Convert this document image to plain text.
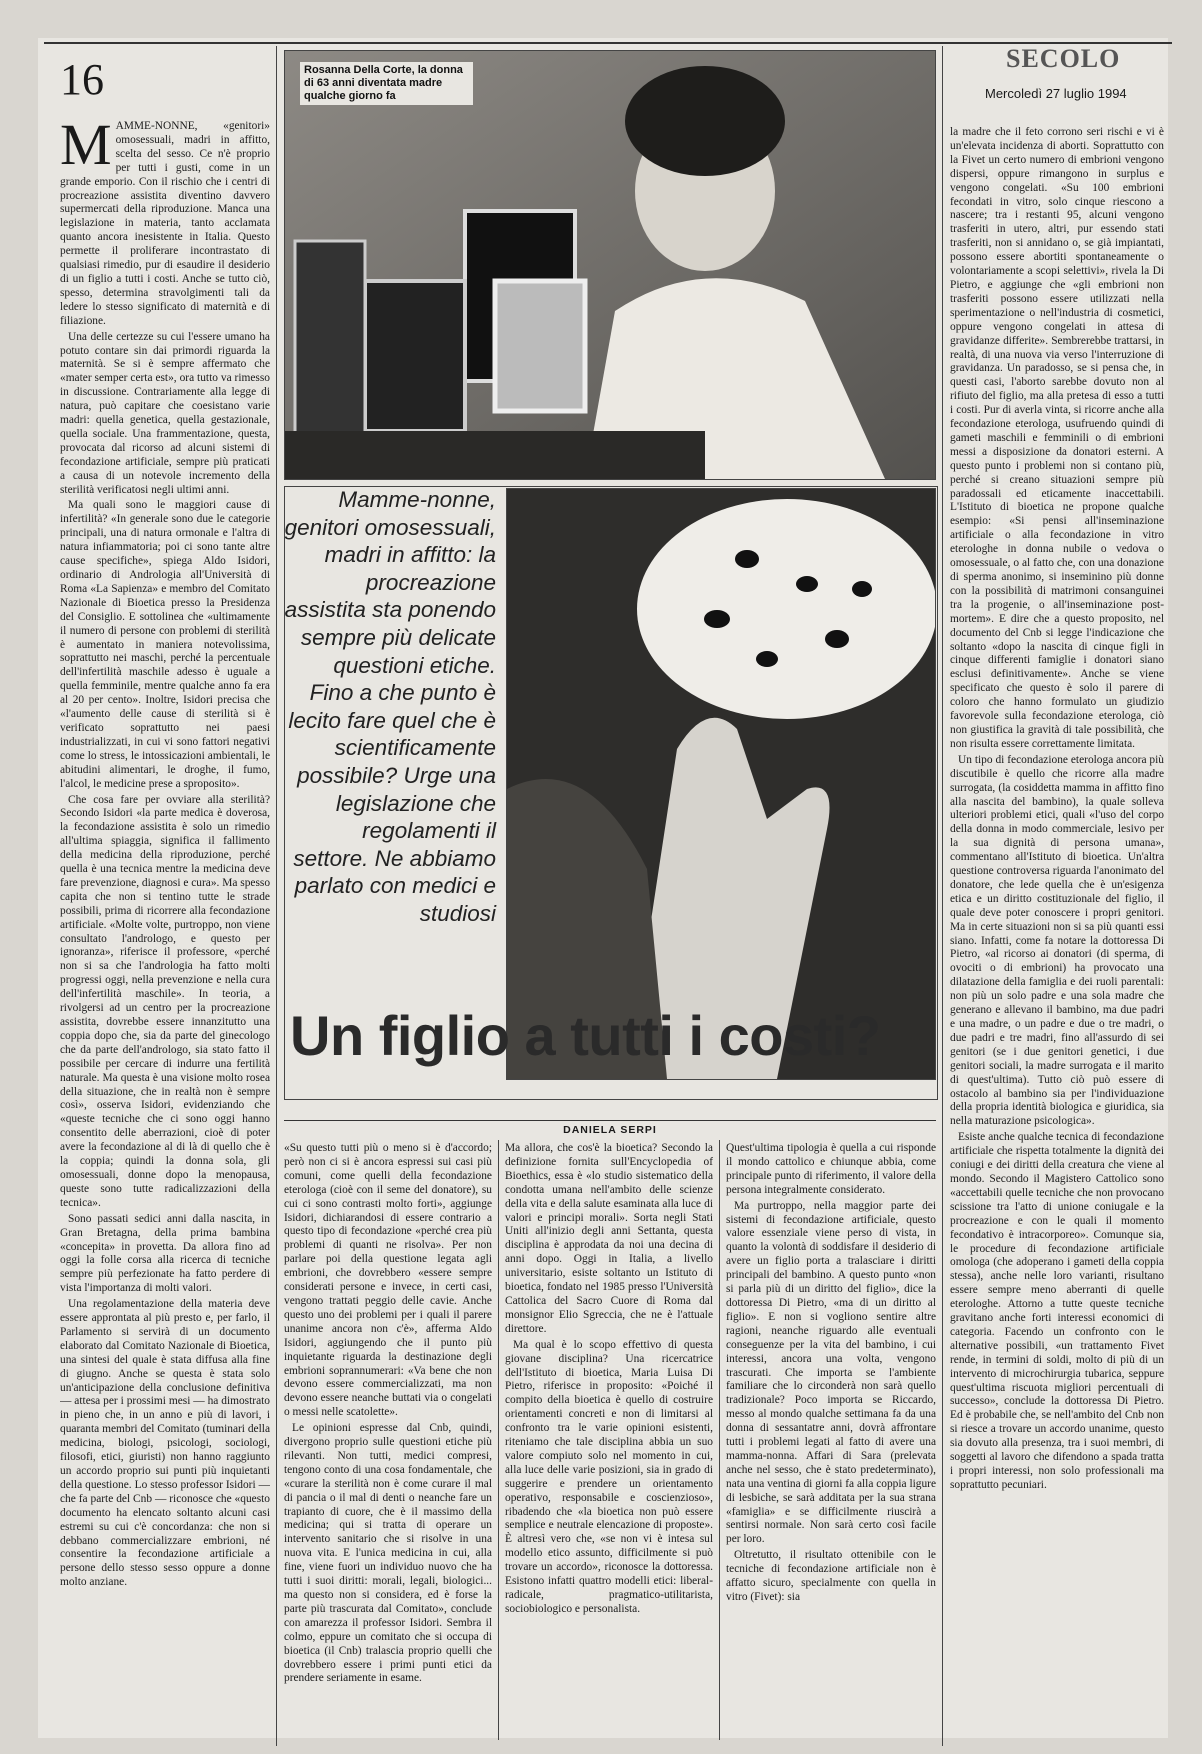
16	SECOLO
Mercoledì 27 luglio 1994

MAMME-NONNE, «genitori» omosessuali, madri in affitto, scelta del sesso. Ce n'è proprio per tutti i gusti, come in un grande emporio. Con il rischio che i centri di procreazione assistita diventino davvero supermercati della riproduzione. Manca una legislazione in materia, tanto acclamata quanto ancora inesistente in Italia. Questo permette il proliferare incontrastato di qualsiasi rimedio, pur di esaudire il desiderio di un figlio a tutti i costi. Anche se tutto ciò, spesso, determina stravolgimenti tali da ledere lo stesso significato di maternità e di filiazione.

Una delle certezze su cui l'essere umano ha potuto contare sin dai primordi riguarda la maternità. Se si è sempre affermato che «mater semper certa est», ora tutto va rimesso in discussione. Contrariamente alla legge di natura, può capitare che coesistano varie madri: quella genetica, quella gestazionale, quella sociale. Una frammentazione, questa, provocata dal ricorso ad alcuni sistemi di fecondazione artificiale, sempre più praticati a causa di un notevole incremento della sterilità verificatosi negli ultimi anni.

Ma quali sono le maggiori cause di infertilità? «In generale sono due le categorie principali, una di natura ormonale e l'altra di natura infiammatoria; poi ci sono tante altre cause specifiche», spiega Aldo Isidori, ordinario di Andrologia all'Università di Roma «La Sapienza» e membro del Comitato Nazionale di Bioetica presso la Presidenza del Consiglio. E sottolinea che «ultimamente il numero di persone con problemi di sterilità è aumentato in maniera notevolissima, soprattutto nei maschi, perché la percentuale dell'infertilità maschile adesso è uguale a quella femminile, mentre qualche anno fa era al 20 per cento». Inoltre, Isidori precisa che «l'aumento delle cause di sterilità si è verificato soprattutto nei paesi industrializzati, in cui vi sono fattori negativi come lo stress, le intossicazioni ambientali, le abitudini alimentari, le droghe, il fumo, l'alcol, le medicine prese a sproposito».

Che cosa fare per ovviare alla sterilità? Secondo Isidori «la parte medica è doverosa, la fecondazione assistita è solo un rimedio all'ultima spiaggia, significa il fallimento della medicina della riproduzione, perché quella è una tecnica mentre la medicina deve fare prevenzione, diagnosi e cura». Ma spesso capita che non si tentino tutte le strade possibili, prima di ricorrere alla fecondazione artificiale. «Molte volte, purtroppo, non viene consultato l'andrologo, e questo per ignoranza», riferisce il professore, «perché non si sa che l'andrologia ha fatto molti progressi oggi, nella prevenzione e nella cura dell'infertilità maschile». In teoria, a rivolgersi ad un centro per la procreazione assistita, dovrebbe essere innanzitutto una coppia dopo che, sia da parte del ginecologo che da parte dell'andrologo, sia stato fatto il possibile per cercare di indurre una fertilità naturale. Ma questa è una visione molto rosea della situazione, che in realtà non è sempre così», osserva Isidori, evidenziando che «queste tecniche che ci sono oggi hanno consentito delle aberrazioni, cioè di poter avere la fecondazione al di là di quello che è la coppia; quindi la donna sola, gli omosessuali, donne dopo la menopausa, queste sono tutte radicalizzazioni della tecnica».

Sono passati sedici anni dalla nascita, in Gran Bretagna, della prima bambina «concepita» in provetta. Da allora fino ad oggi la folle corsa alla ricerca di tecniche sempre più perfezionate ha fatto perdere di vista l'importanza di molti valori.

Una regolamentazione della materia deve essere approntata al più presto e, per farlo, il Parlamento si servirà di un documento elaborato dal Comitato Nazionale di Bioetica, una sintesi del quale è stata diffusa alla fine di giugno. Anche se questa è stata solo un'anticipazione della conclusione definitiva — attesa per i prossimi mesi — ha dimostrato in pieno che, in un anno e più di lavori, i quaranta membri del Comitato (tuminari della medicina, biologi, psicologi, sociologi, filosofi, etici, giuristi) non hanno raggiunto un accordo proprio sui punti più inquietanti della questione. Lo stesso professor Isidori — che fa parte del Cnb — riconosce che «questo documento ha elencato soltanto alcuni casi estremi su cui c'è concordanza: che non si debbano commercializzare embrioni, né consentire la fecondazione artificiale a persone dello stesso sesso oppure a donne molto anziane.

Rosanna Della Corte, la donna di 63 anni diventata madre qualche giorno fa
Mamme-nonne, genitori omosessuali, madri in affitto: la procreazione assistita sta ponendo sempre più delicate questioni etiche. Fino a che punto è lecito fare quel che è scientificamente possibile? Urge una legislazione che regolamenti il settore. Ne abbiamo parlato con medici e studiosi
Un figlio a tutti i costi?
DANIELA SERPI

«Su questo tutti più o meno si è d'accordo; però non ci si è ancora espressi sui casi più comuni, come quelli della fecondazione eterologa (cioè con il seme del donatore), su cui ci sono contrasti molto forti», aggiunge Isidori, dichiarandosi di essere contrario a questo tipo di fecondazione «perché crea più problemi di quanti ne risolva». Per non parlare poi della questione legata agli embrioni, che dovrebbero «essere sempre considerati persone e invece, in certi casi, vengono trattati peggio delle cavie. Anche questo uno dei problemi per i quali il parere unanime ancora non c'è», afferma Aldo Isidori, aggiungendo che il punto più inquietante riguarda la destinazione degli embrioni soprannumerari: «Va bene che non devono essere commercializzati, ma non devono essere neanche buttati via o congelati o messi nelle scatolette».

Le opinioni espresse dal Cnb, quindi, divergono proprio sulle questioni etiche più rilevanti. Non tutti, medici compresi, tengono conto di una cosa fondamentale, che «curare la sterilità non è come curare il mal di pancia o il mal di denti o neanche fare un trapianto di cuore, che è il massimo della medicina; qui si tratta di operare un intervento sanitario che si risolve in una nuova vita. E l'unica medicina in cui, alla fine, viene fuori un individuo nuovo che ha tutti i suoi diritti: morali, legali, biologici... ma questo non si considera, ed è forse la parte più trascurata dal Comitato», conclude con amarezza il professor Isidori. Sembra il colmo, eppure un comitato che si occupa di bioetica (il Cnb) tralascia proprio quelli che dovrebbero essere i primi punti etici da prendere seriamente in esame.

Ma allora, che cos'è la bioetica? Secondo la definizione fornita sull'Encyclopedia of Bioethics, essa è «lo studio sistematico della condotta umana nell'ambito delle scienze della vita e della salute esaminata alla luce di valori e principi morali». Sorta negli Stati Uniti all'inizio degli anni Settanta, questa disciplina è approdata da noi una decina di anni dopo. Oggi in Italia, a livello universitario, esiste soltanto un Istituto di bioetica, fondato nel 1985 presso l'Università Cattolica del Sacro Cuore di Roma dal monsignor Elio Sgreccia, che ne è l'attuale direttore.

Ma qual è lo scopo effettivo di questa giovane disciplina? Una ricercatrice dell'Istituto di bioetica, Maria Luisa Di Pietro, riferisce in proposito: «Poiché il compito della bioetica è quello di costruire orientamenti concreti e non di limitarsi al confronto tra le varie opinioni esistenti, riteniamo che tale disciplina abbia un suo valore compiuto solo nel momento in cui, alla luce delle varie posizioni, sia in grado di suggerire e prendere un orientamento operativo, responsabile e coscienzioso», ribadendo che «la bioetica non può essere semplice e neutrale elencazione di proposte». È altresì vero che, «se non vi è intesa sul modello etico assunto, difficilmente si può trovare un accordo», riconosce la dottoressa. Esistono infatti quattro modelli etici: liberal-radicale, pragmatico-utilitarista, sociobiologico e personalista.

Quest'ultima tipologia è quella a cui risponde il mondo cattolico e chiunque abbia, come principale punto di riferimento, il valore della persona integralmente considerato.

Ma purtroppo, nella maggior parte dei sistemi di fecondazione artificiale, questo valore essenziale viene perso di vista, in quanto la volontà di soddisfare il desiderio di avere un figlio porta a tralasciare i diritti principali del bambino. A questo punto «non si parla più di un diritto del figlio», dice la dottoressa Di Pietro, «ma di un diritto al figlio». E non si vogliono sentire altre ragioni, neanche riguardo alle eventuali conseguenze per la vita del bambino, i cui interessi, ancora una volta, vengono trascurati. Che importa se l'ambiente familiare che lo circonderà non sarà quello tradizionale? Poco importa se Riccardo, messo al mondo qualche settimana fa da una donna di sessantatre anni, dovrà affrontare tutti i problemi legati al fatto di avere una mamma-nonna. Affari di Sara (prelevata anche nel sesso, che è stato predeterminato), nata una ventina di giorni fa alla coppia ligure di lesbiche, se sarà additata per la sua strana «famiglia» e se difficilmente riuscirà a sentirsi normale. Non sarà certo così facile per loro.

Oltretutto, il risultato ottenibile con le tecniche di fecondazione artificiale non è affatto sicuro, specialmente con quella in vitro (Fivet): sia

la madre che il feto corrono seri rischi e vi è un'elevata incidenza di aborti. Soprattutto con la Fivet un certo numero di embrioni vengono dispersi, oppure rimangono in surplus e vengono congelati. «Su 100 embrioni fecondati in vitro, solo cinque riescono a nascere; tra i restanti 95, alcuni vengono trasferiti in utero, altri, pur essendo stati trasferiti, non si annidano o, se già impiantati, possono essere abortiti spontaneamente o volontariamente a scopi selettivi», rivela la Di Pietro, e aggiunge che «gli embrioni non trasferiti possono essere utilizzati nella sperimentazione o nell'industria di cosmetici, oppure vengono congelati in attesa di gravidanze differite». Sembrerebbe trattarsi, in realtà, di una nuova via verso l'interruzione di gravidanza. Un paradosso, se si pensa che, in questi casi, l'aborto sarebbe dovuto non al rifiuto del figlio, ma alla pretesa di esso a tutti i costi. Pur di averla vinta, si ricorre anche alla fecondazione eterologa, usufruendo quindi di gameti maschili e femminili o di embrioni messi a disposizione da donatori esterni. A questo punto i problemi non si contano più, perché si creano situazioni sempre più paradossali ed eticamente inaccettabili. L'Istituto di bioetica ne propone qualche esempio: «Si pensi all'inseminazione artificiale o alla fecondazione in vitro eterologhe in donna nubile o vedova o omosessuale, o al fatto che, con una donazione di sperma anonimo, si inseminino più donne con la possibilità di matrimoni consanguinei tra la progenie, o all'inseminazione post-mortem». E dire che a questo proposito, nel documento del Cnb si legge l'indicazione che soltanto «dopo la nascita di cinque figli in cinque differenti famiglie i donatori siano esclusi definitivamente». Anche se viene specificato che questo è solo il parere di coloro che hanno formulato un giudizio favorevole sulla fecondazione eterologa, ciò non giustifica la gravità di tale possibilità, che non risulta essere correttamente limitata.

Un tipo di fecondazione eterologa ancora più discutibile è quello che ricorre alla madre surrogata, (la cosiddetta mamma in affitto fino alla nascita del bambino), la quale solleva ulteriori problemi etici, quali «l'uso del corpo della donna in modo commerciale, lesivo per la sua dignità di persona umana», commentano all'Istituto di bioetica. Un'altra questione controversa riguarda l'anonimato del donatore, che lede quella che è un'esigenza etica e un diritto costituzionale del figlio, il quale deve poter conoscere i propri genitori. Ma in certe situazioni non si sa più quanti essi siano. Infatti, come fa notare la dottoressa Di Pietro, «al ricorso ai donatori (di sperma, di ovociti o di embrioni) ha provocato una dilatazione della famiglia e dei ruoli parentali: non più un solo padre e una sola madre che generano e allevano il bambino, ma due padri e una madre, o un padre e due o tre madri, o due padri e tre madri, fino all'assurdo di sei genitori (se i due genitori genetici, i due genitori sociali, la madre surrogata e il marito di quest'ultima). Tutto ciò può essere di ostacolo al bambino sia per l'individuazione della propria identità biologica e giuridica, sia nella maturazione psicologica».

Esiste anche qualche tecnica di fecondazione artificiale che rispetta totalmente la dignità dei coniugi e dei diritti della creatura che viene al mondo. Secondo il Magistero Cattolico sono «accettabili quelle tecniche che non provocano scissione tra l'atto di unione coniugale e la procreazione e con le quali il momento fecondativo è intracorporeo». Comunque sia, le procedure di fecondazione artificiale omologa (che adoperano i gameti della coppia stessa), anche nelle loro varianti, risultano essere sempre meno aberranti di quelle eterologhe. Attorno a tutte queste tecniche gravitano anche forti interessi economici di categoria. Facendo un confronto con le alternative possibili, «un trattamento Fivet rende, in termini di soldi, molto di più di un intervento di microchirurgia tubarica, seppure quest'ultima riscuota migliori percentuali di successo», conclude la dottoressa Di Pietro. Ed è probabile che, se nell'ambito del Cnb non si riesce a trovare un accordo unanime, questo sia dovuto alla presenza, tra i suoi membri, di soggetti al lavoro che difendono a spada tratta i propri interessi, non solo professionali ma soprattutto pecuniari.
